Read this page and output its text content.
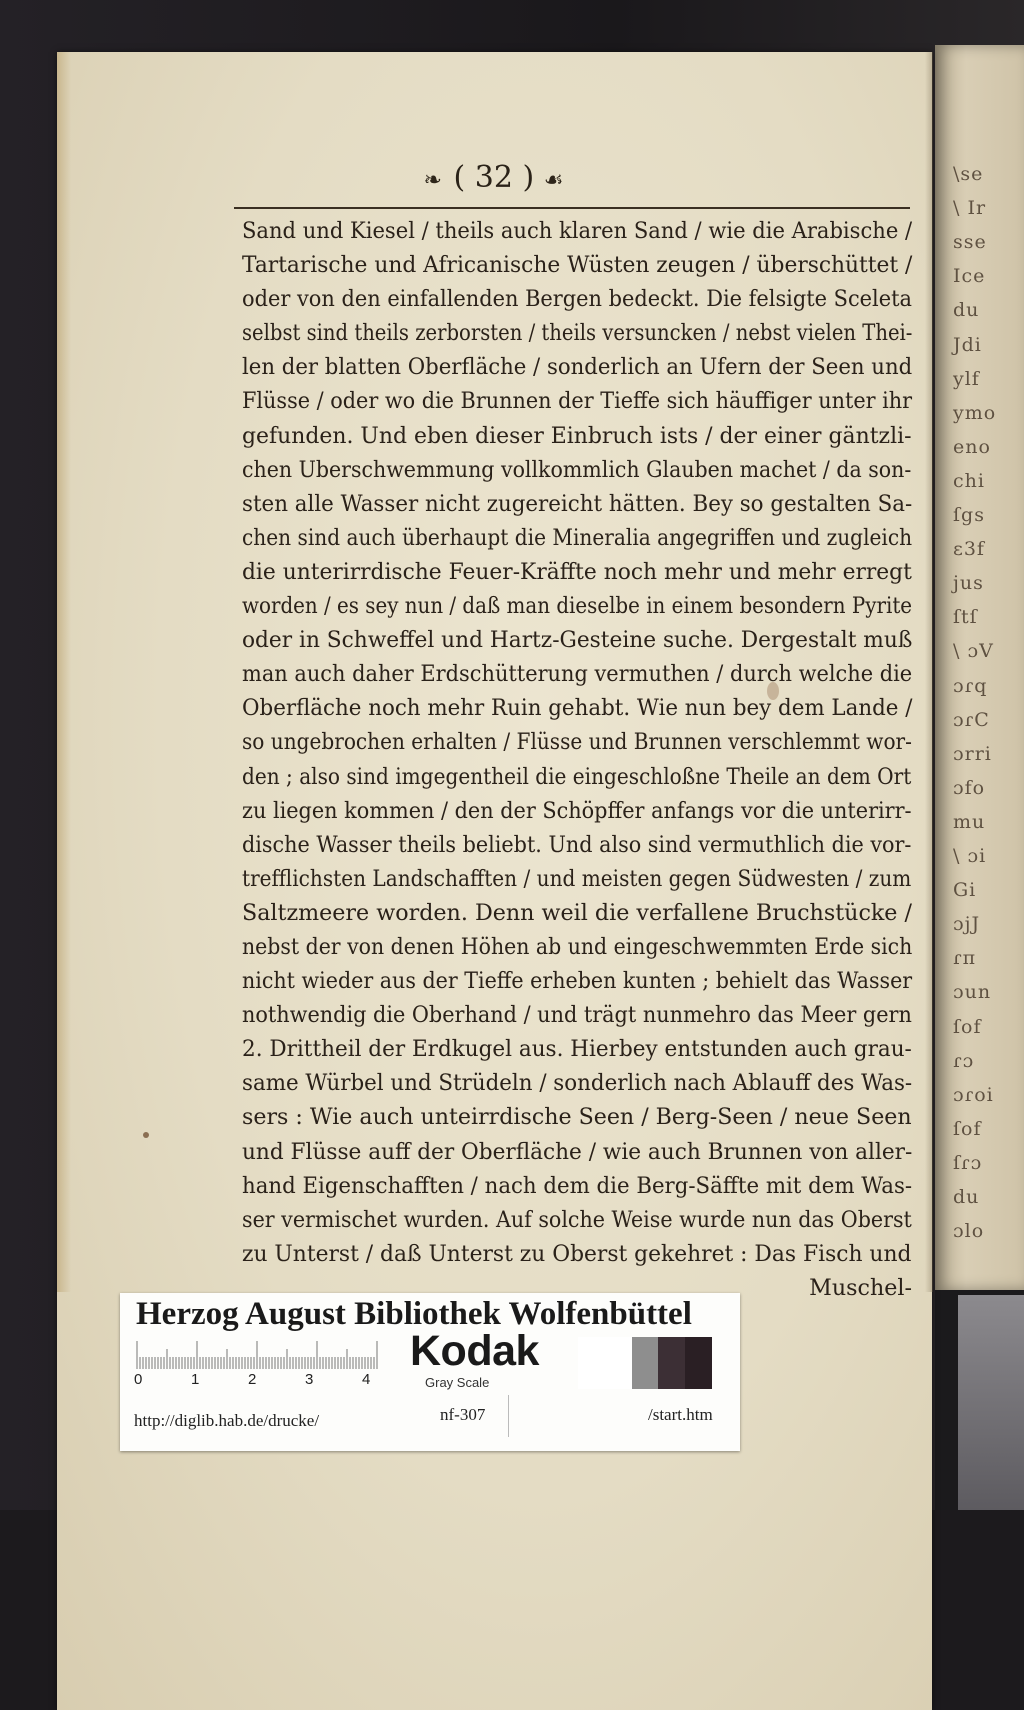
\se
\ Ir
sse
Ice
du
Jdi
ylf
ymo
eno
chi
ſgs
ε3f
jus
ſtſ
\ ɔV
ɔɾq
ɔɾC
ɔrri
ɔfo
mu
\ ɔi
Gi
ɔjJ
ɾπ
ɔun
ſof
ɾɔ
ɔɾoi
ſof
ſɾɔ
du
ɔlo
❧ ( 32 ) ☙
Sand und Kiesel / theils auch klaren Sand / wie die Arabische /
Tartarische und Africanische Wüsten zeugen / überschüttet /
oder von den einfallenden Bergen bedeckt. Die felsigte Sceleta
selbst sind theils zerborsten / theils versuncken / nebst vielen Thei-
len der blatten Oberfläche / sonderlich an Ufern der Seen und
Flüsse / oder wo die Brunnen der Tieffe sich häuffiger unter ihr
gefunden. Und eben dieser Einbruch ists / der einer gäntzli-
chen Uberschwemmung vollkommlich Glauben machet / da son-
sten alle Wasser nicht zugereicht hätten. Bey so gestalten Sa-
chen sind auch überhaupt die Mineralia angegriffen und zugleich
die unterirrdische Feuer-Kräffte noch mehr und mehr erregt
worden / es sey nun / daß man dieselbe in einem besondern Pyrite
oder in Schweffel und Hartz-Gesteine suche. Dergestalt muß
man auch daher Erdschütterung vermuthen / durch welche die
Oberfläche noch mehr Ruin gehabt. Wie nun bey dem Lande /
so ungebrochen erhalten / Flüsse und Brunnen verschlemmt wor-
den ; also sind imgegentheil die eingeschloßne Theile an dem Ort
zu liegen kommen / den der Schöpffer anfangs vor die unterirr-
dische Wasser theils beliebt. Und also sind vermuthlich die vor-
trefflichsten Landschafften / und meisten gegen Südwesten / zum
Saltzmeere worden. Denn weil die verfallene Bruchstücke /
nebst der von denen Höhen ab und eingeschwemmten Erde sich
nicht wieder aus der Tieffe erheben kunten ; behielt das Wasser
nothwendig die Oberhand / und trägt nunmehro das Meer gern
2. Drittheil der Erdkugel aus. Hierbey entstunden auch grau-
same Würbel und Strüdeln / sonderlich nach Ablauff des Was-
sers : Wie auch unteirrdische Seen / Berg-Seen / neue Seen
und Flüsse auff der Oberfläche / wie auch Brunnen von aller-
hand Eigenschafften / nach dem die Berg-Säffte mit dem Was-
ser vermischet wurden. Auf solche Weise wurde nun das Oberst
zu Unterst / daß Unterst zu Oberst gekehret : Das Fisch und
Muschel-
Herzog August Bibliothek Wolfenbüttel
0	1	2	3	4
Kodak
Gray Scale
nf-307
http://diglib.hab.de/drucke/	/start.htm
